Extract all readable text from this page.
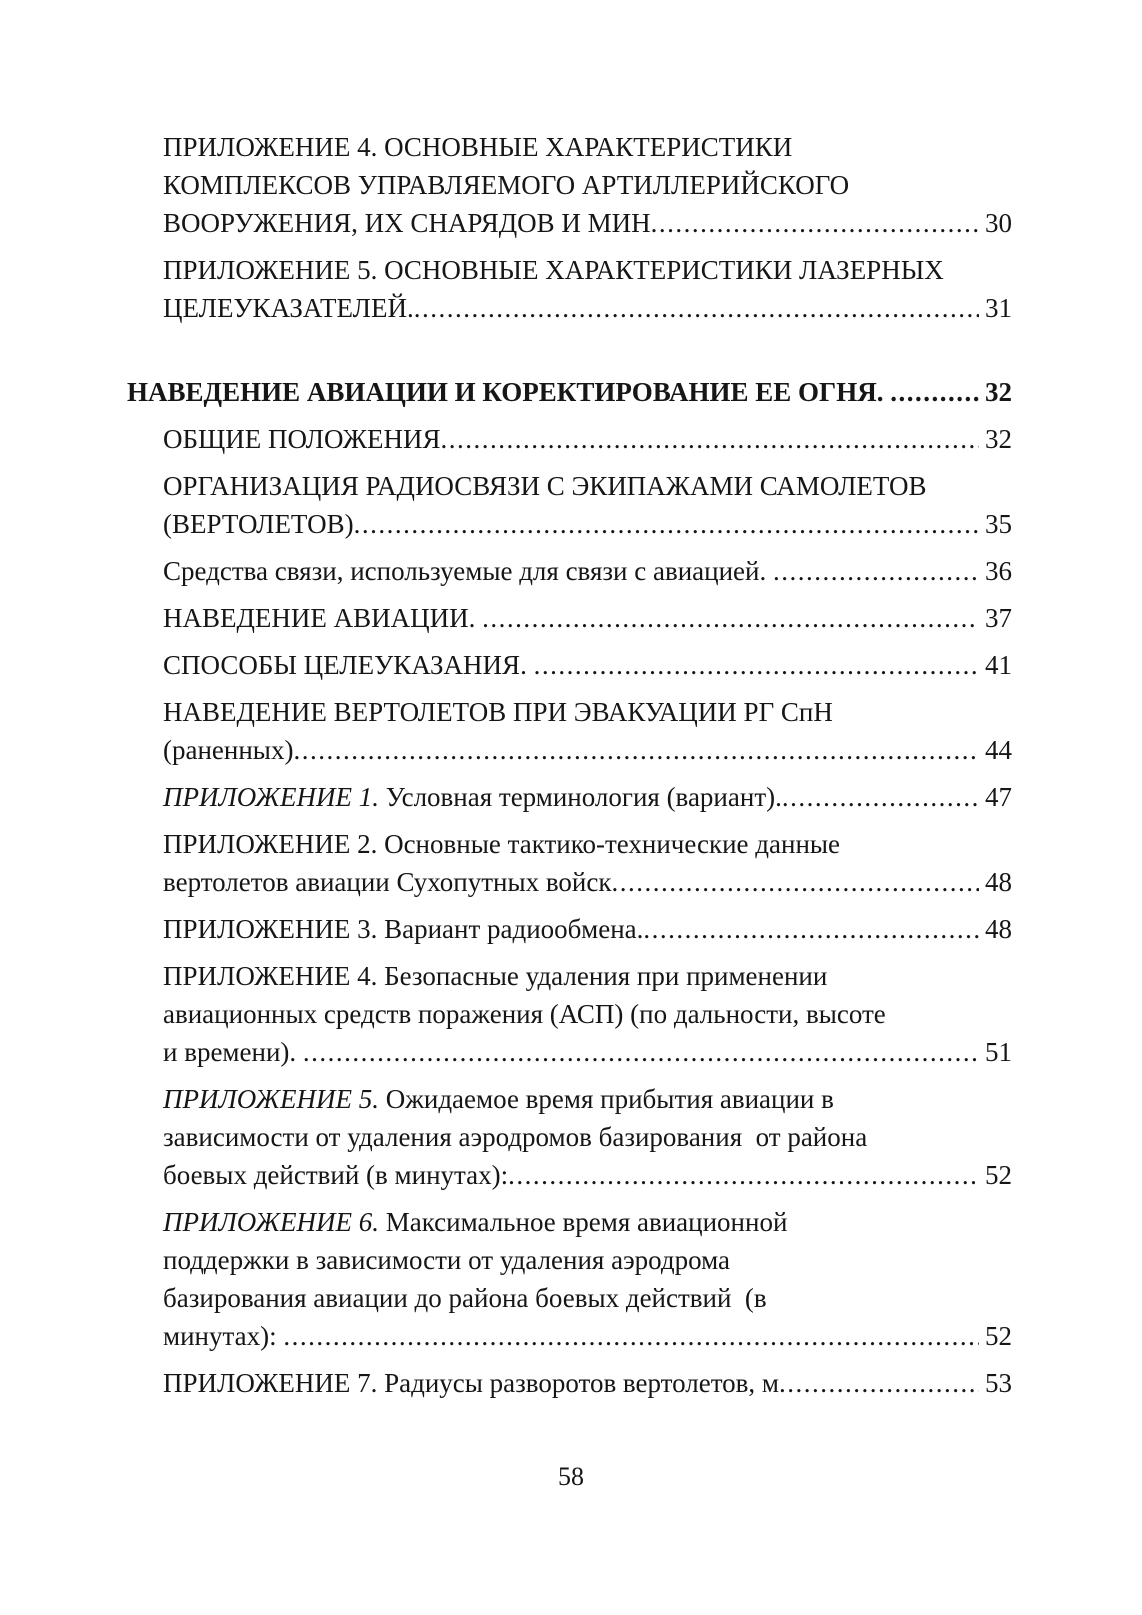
ПРИЛОЖЕНИЕ 4. ОСНОВНЫЕ ХАРАКТЕРИСТИКИ
КОМПЛЕКСОВ УПРАВЛЯЕМОГО АРТИЛЛЕРИЙСКОГО
ВООРУЖЕНИЯ, ИХ СНАРЯДОВ И МИН .....	30
ПРИЛОЖЕНИЕ 5. ОСНОВНЫЕ ХАРАКТЕРИСТИКИ ЛАЗЕРНЫХ
ЦЕЛЕУКАЗАТЕЛЕЙ. .....	31
НАВЕДЕНИЕ АВИАЦИИ И КОРЕКТИРОВАНИЕ ЕЕ ОГНЯ. .....	32
ОБЩИЕ ПОЛОЖЕНИЯ .....	32
ОРГАНИЗАЦИЯ РАДИОСВЯЗИ С ЭКИПАЖАМИ САМОЛЕТОВ
(ВЕРТОЛЕТОВ) .....	35
Средства связи, используемые для связи с авиацией. .....	36
НАВЕДЕНИЕ АВИАЦИИ. .....	37
СПОСОБЫ ЦЕЛЕУКАЗАНИЯ. .....	41
НАВЕДЕНИЕ ВЕРТОЛЕТОВ ПРИ ЭВАКУАЦИИ РГ СпН
(раненных) .....	44
ПРИЛОЖЕНИЕ 1. Условная терминология (вариант). .....	47
ПРИЛОЖЕНИЕ 2. Основные тактико-технические данные
вертолетов авиации Сухопутных войск .....	48
ПРИЛОЖЕНИЕ 3. Вариант радиообмена. .....	48
ПРИЛОЖЕНИЕ 4. Безопасные удаления при применении
авиационных средств поражения (АСП) (по дальности, высоте
и времени). .....	51
ПРИЛОЖЕНИЕ 5. Ожидаемое время прибытия авиации в
зависимости от удаления аэродромов базирования  от района
боевых действий (в минутах): .....	52
ПРИЛОЖЕНИЕ 6. Максимальное время авиационной
поддержки в зависимости от удаления аэродрома
базирования авиации до района боевых действий  (в
минутах): .....	52
ПРИЛОЖЕНИЕ 7. Радиусы разворотов вертолетов, м .....	53
58
